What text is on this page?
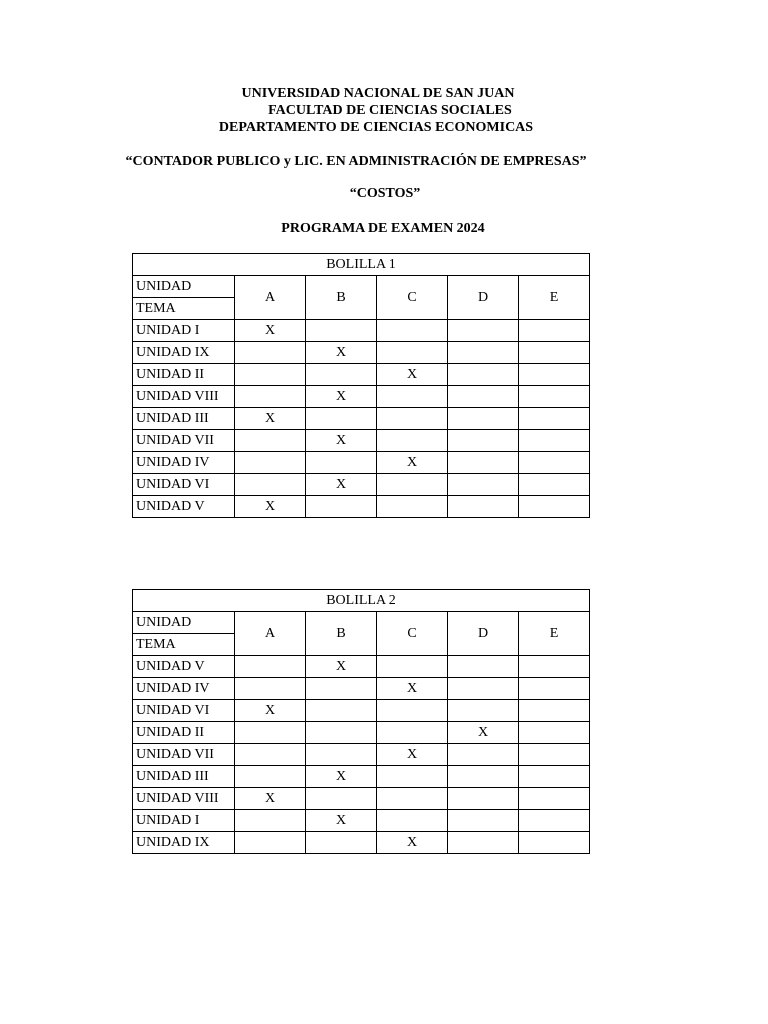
UNIVERSIDAD NACIONAL DE SAN JUAN
FACULTAD DE CIENCIAS SOCIALES
DEPARTAMENTO DE CIENCIAS ECONOMICAS
“CONTADOR PUBLICO y LIC. EN ADMINISTRACIÓN DE EMPRESAS”
“COSTOS”
PROGRAMA DE EXAMEN 2024
BOLILLA 1					
UNIDAD	A	B	C	D	E
TEMA					
UNIDAD I	X				
UNIDAD IX		X			
UNIDAD II			X		
UNIDAD VIII		X			
UNIDAD III	X				
UNIDAD VII		X			
UNIDAD IV			X		
UNIDAD VI		X			
UNIDAD V	X				
BOLILLA 2					
UNIDAD	A	B	C	D	E
TEMA					
UNIDAD V		X			
UNIDAD IV			X		
UNIDAD VI	X				
UNIDAD II				X	
UNIDAD VII			X		
UNIDAD III		X			
UNIDAD VIII	X				
UNIDAD I		X			
UNIDAD IX			X		
